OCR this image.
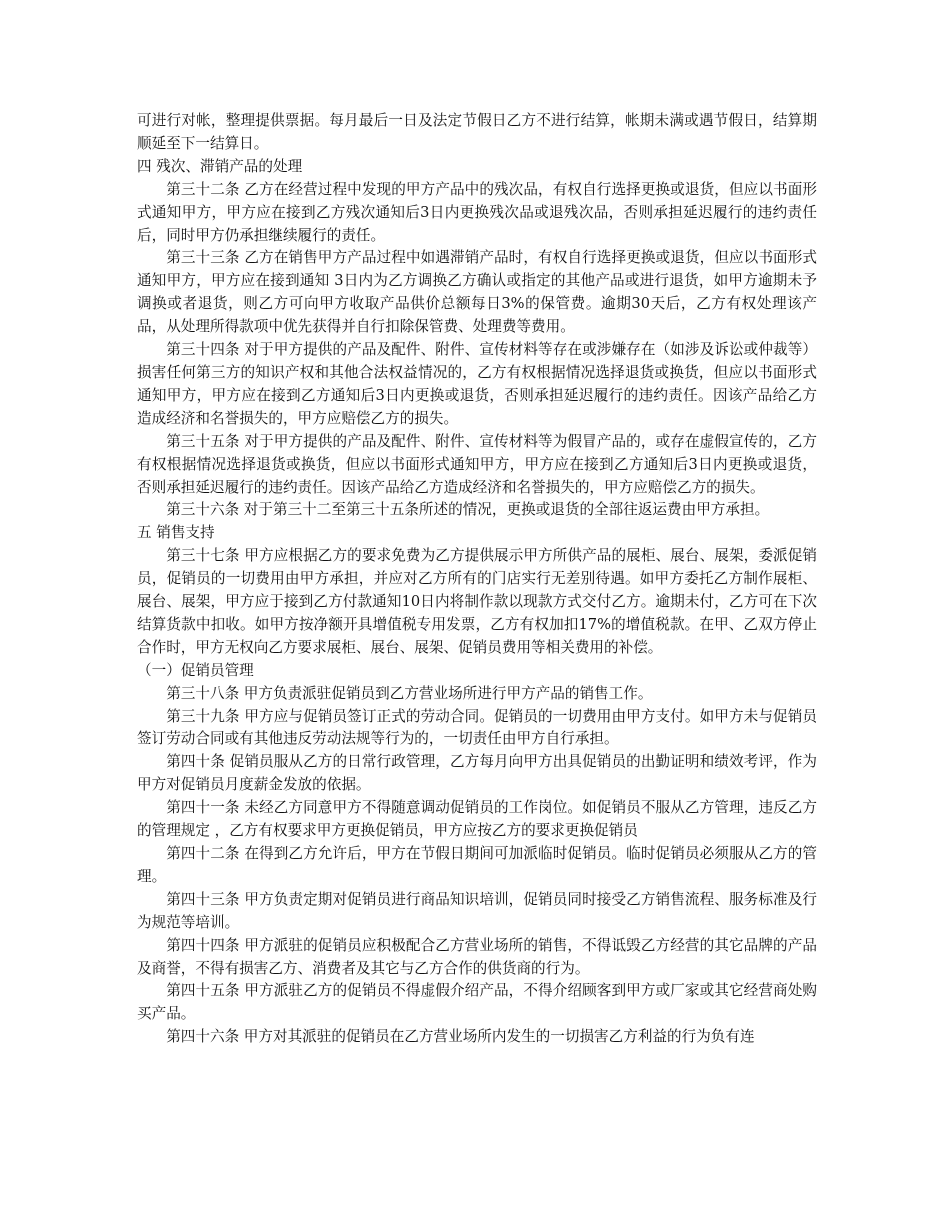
可进行对帐，整理提供票据。每月最后一日及法定节假日乙方不进行结算，帐期未满或遇节假日，结算期顺延至下一结算日。

四 残次、滞销产品的处理

第三十二条 乙方在经营过程中发现的甲方产品中的残次品，有权自行选择更换或退货，但应以书面形式通知甲方，甲方应在接到乙方残次通知后3日内更换残次品或退残次品，否则承担延迟履行的违约责任后，同时甲方仍承担继续履行的责任。

第三十三条 乙方在销售甲方产品过程中如遇滞销产品时，有权自行选择更换或退货，但应以书面形式通知甲方，甲方应在接到通知 3日内为乙方调换乙方确认或指定的其他产品或进行退货，如甲方逾期未予调换或者退货，则乙方可向甲方收取产品供价总额每日3%的保管费。逾期30天后，乙方有权处理该产品，从处理所得款项中优先获得并自行扣除保管费、处理费等费用。

第三十四条 对于甲方提供的产品及配件、附件、宣传材料等存在或涉嫌存在（如涉及诉讼或仲裁等）损害任何第三方的知识产权和其他合法权益情况的，乙方有权根据情况选择退货或换货，但应以书面形式通知甲方，甲方应在接到乙方通知后3日内更换或退货，否则承担延迟履行的违约责任。因该产品给乙方造成经济和名誉损失的，甲方应赔偿乙方的损失。

第三十五条 对于甲方提供的产品及配件、附件、宣传材料等为假冒产品的，或存在虚假宣传的，乙方有权根据情况选择退货或换货，但应以书面形式通知甲方，甲方应在接到乙方通知后3日内更换或退货，否则承担延迟履行的违约责任。因该产品给乙方造成经济和名誉损失的，甲方应赔偿乙方的损失。

第三十六条 对于第三十二至第三十五条所述的情况，更换或退货的全部往返运费由甲方承担。

五 销售支持

第三十七条 甲方应根据乙方的要求免费为乙方提供展示甲方所供产品的展柜、展台、展架，委派促销员，促销员的一切费用由甲方承担，并应对乙方所有的门店实行无差别待遇。如甲方委托乙方制作展柜、展台、展架，甲方应于接到乙方付款通知10日内将制作款以现款方式交付乙方。逾期未付，乙方可在下次结算货款中扣收。如甲方按净额开具增值税专用发票，乙方有权加扣17%的增值税款。在甲、乙双方停止合作时，甲方无权向乙方要求展柜、展台、展架、促销员费用等相关费用的补偿。

（一）促销员管理

第三十八条 甲方负责派驻促销员到乙方营业场所进行甲方产品的销售工作。

第三十九条 甲方应与促销员签订正式的劳动合同。促销员的一切费用由甲方支付。如甲方未与促销员签订劳动合同或有其他违反劳动法规等行为的，一切责任由甲方自行承担。

第四十条 促销员服从乙方的日常行政管理，乙方每月向甲方出具促销员的出勤证明和绩效考评，作为甲方对促销员月度薪金发放的依据。

第四十一条 未经乙方同意甲方不得随意调动促销员的工作岗位。如促销员不服从乙方管理，违反乙方的管理规定 ，乙方有权要求甲方更换促销员，甲方应按乙方的要求更换促销员

第四十二条 在得到乙方允许后，甲方在节假日期间可加派临时促销员。临时促销员必须服从乙方的管理。

第四十三条 甲方负责定期对促销员进行商品知识培训，促销员同时接受乙方销售流程、服务标准及行为规范等培训。

第四十四条 甲方派驻的促销员应积极配合乙方营业场所的销售，不得诋毁乙方经营的其它品牌的产品及商誉，不得有损害乙方、消费者及其它与乙方合作的供货商的行为。

第四十五条 甲方派驻乙方的促销员不得虚假介绍产品，不得介绍顾客到甲方或厂家或其它经营商处购买产品。

第四十六条 甲方对其派驻的促销员在乙方营业场所内发生的一切损害乙方利益的行为负有连
